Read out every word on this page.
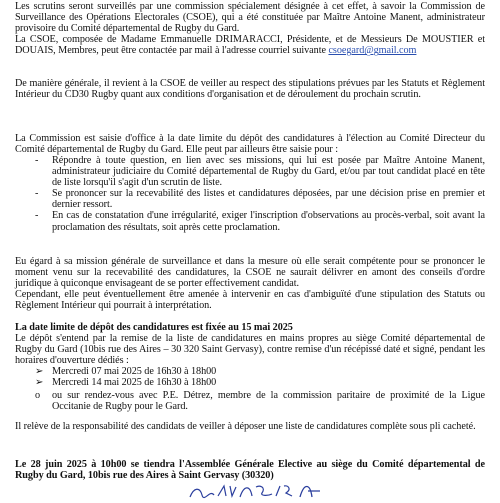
Les scrutins seront surveillés par une commission spécialement désignée à cet effet, à savoir la Commission de Surveillance des Opérations Electorales (CSOE), qui a été constituée par Maître Antoine Manent, administrateur provisoire du Comité départemental de Rugby du Gard.
La CSOE, composée de Madame Emmanuelle DRIMARACCI, Présidente, et de Messieurs De MOUSTIER et DOUAIS, Membres, peut être contactée par mail à l'adresse courriel suivante csoegard@gmail.com

De manière générale, il revient à la CSOE de veiller au respect des stipulations prévues par les Statuts et Règlement Intérieur du CD30 Rugby quant aux conditions d'organisation et de déroulement du prochain scrutin.

La Commission est saisie d'office à la date limite du dépôt des candidatures à l'élection au Comité Directeur du Comité départemental de Rugby du Gard. Elle peut par ailleurs être saisie pour :

- Répondre à toute question, en lien avec ses missions, qui lui est posée par Maître Antoine Manent, administrateur judiciaire du Comité départemental de Rugby du Gard, et/ou par tout candidat placé en tête de liste lorsqu'il s'agit d'un scrutin de liste.
- Se prononcer sur la recevabilité des listes et candidatures déposées, par une décision prise en premier et dernier ressort.
- En cas de constatation d'une irrégularité, exiger l'inscription d'observations au procès-verbal, soit avant la proclamation des résultats, soit après cette proclamation.

Eu égard à sa mission générale de surveillance et dans la mesure où elle serait compétente pour se prononcer le moment venu sur la recevabilité des candidatures, la CSOE ne saurait délivrer en amont des conseils d'ordre juridique à quiconque envisageant de se porter effectivement candidat.
Cependant, elle peut éventuellement être amenée à intervenir en cas d'ambiguïté d'une stipulation des Statuts ou Règlement Intérieur qui pourrait à interprétation.

La date limite de dépôt des candidatures est fixée au 15 mai 2025

Le dépôt s'entend par la remise de la liste de candidatures en mains propres au siège Comité départemental de Rugby du Gard (10bis rue des Aires – 30 320 Saint Gervasy), contre remise d'un récépissé daté et signé, pendant les horaires d'ouverture dédiés :

➢ Mercredi 07 mai 2025 de 16h30 à 18h00
➢ Mercredi 14 mai 2025 de 16h30 à 18h00
o ou sur rendez-vous avec P.E. Détrez, membre de la commission paritaire de proximité de la Ligue Occitanie de Rugby pour le Gard.

Il relève de la responsabilité des candidats de veiller à déposer une liste de candidatures complète sous pli cacheté.

Le 28 juin 2025 à 10h00 se tiendra l'Assemblée Générale Elective au siège du Comité départemental de Rugby du Gard, 10bis rue des Aires à Saint Gervasy (30320)
